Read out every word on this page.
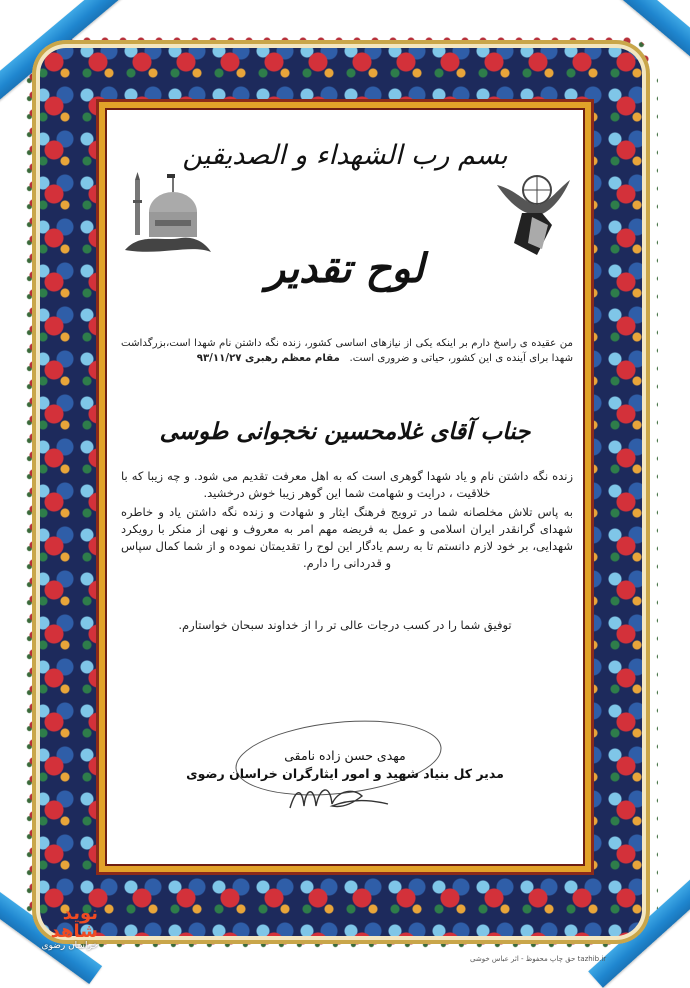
بسم رب الشهداء و الصدیقین
لوح تقدیر
من عقیده ی راسخ دارم بر اینکه یکی از نیازهای اساسی کشور، زنده نگه داشتن نام شهدا است،بزرگداشت شهدا برای آینده ی این کشور، حیاتی و ضروری است.   مقام معظم رهبری ۹۳/۱۱/۲۷
جناب آقای غلامحسین نخجوانی طوسی

زنده نگه داشتن نام و یاد شهدا گوهری است که به اهل معرفت تقدیم می شود. و چه زیبا که با خلاقیت ، درایت و شهامت شما این گوهر زیبا خوش درخشید.

به پاس تلاش مخلصانه شما در ترویج فرهنگ ایثار و شهادت و زنده نگه داشتن یاد و خاطره شهدای گرانقدر ایران اسلامی و عمل به فریضه مهم امر به معروف و نهی از منکر با رویکرد شهدایی، بر خود لازم دانستم تا به رسم یادگار این لوح را تقدیمتان نموده و از شما کمال سپاس و قدردانی را دارم.

توفیق شما را در کسب درجات عالی تر را از خداوند سبحان خواستارم.
مهدی حسن زاده نامقی
مدیر کل بنیاد شهید و امور ایثارگران خراسان رضوی
tazhib.ir حق چاپ محفوظ - اثر عباس خوشی
نوید شاهد
خراسان رضوی
